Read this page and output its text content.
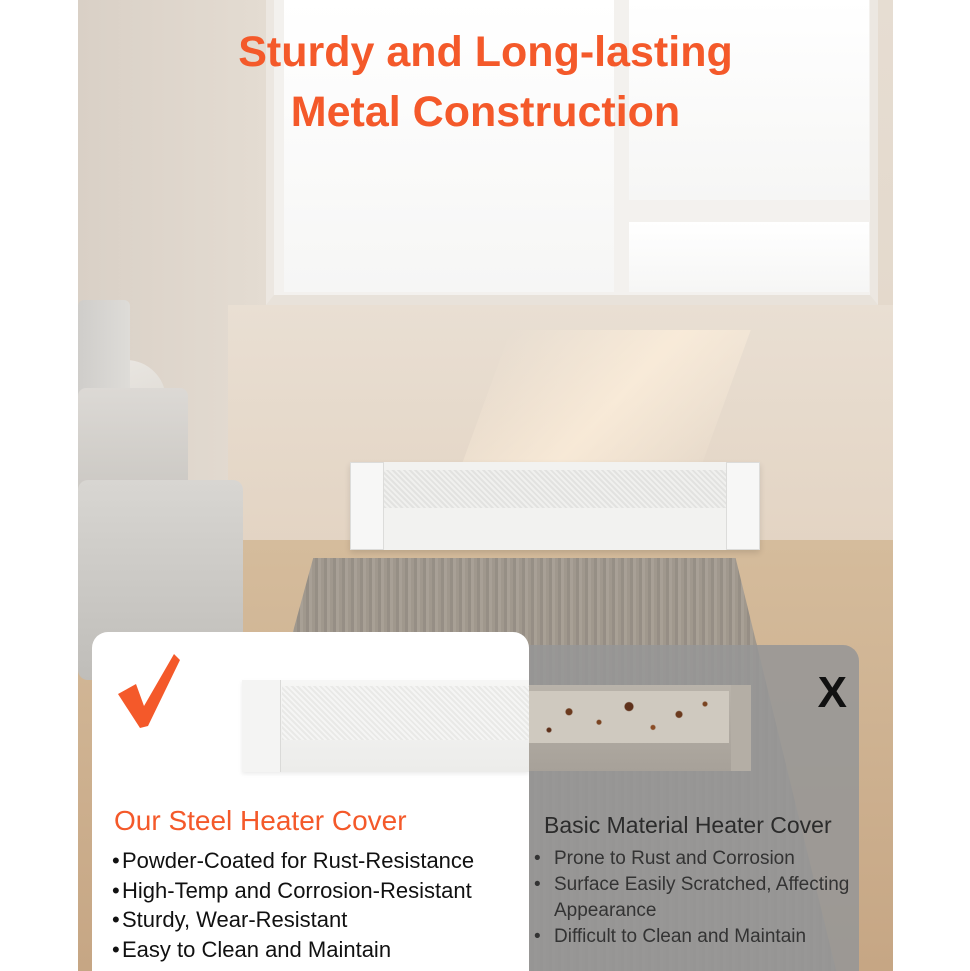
Sturdy and Long-lasting
Metal Construction
Our Steel Heater Cover
• Powder-Coated for Rust-Resistance
• High-Temp and Corrosion-Resistant
• Sturdy, Wear-Resistant
• Easy to Clean and Maintain
X
Basic Material Heater Cover
• Prone to Rust and Corrosion
• Surface Easily Scratched, Affecting Appearance
• Difficult to Clean and Maintain
